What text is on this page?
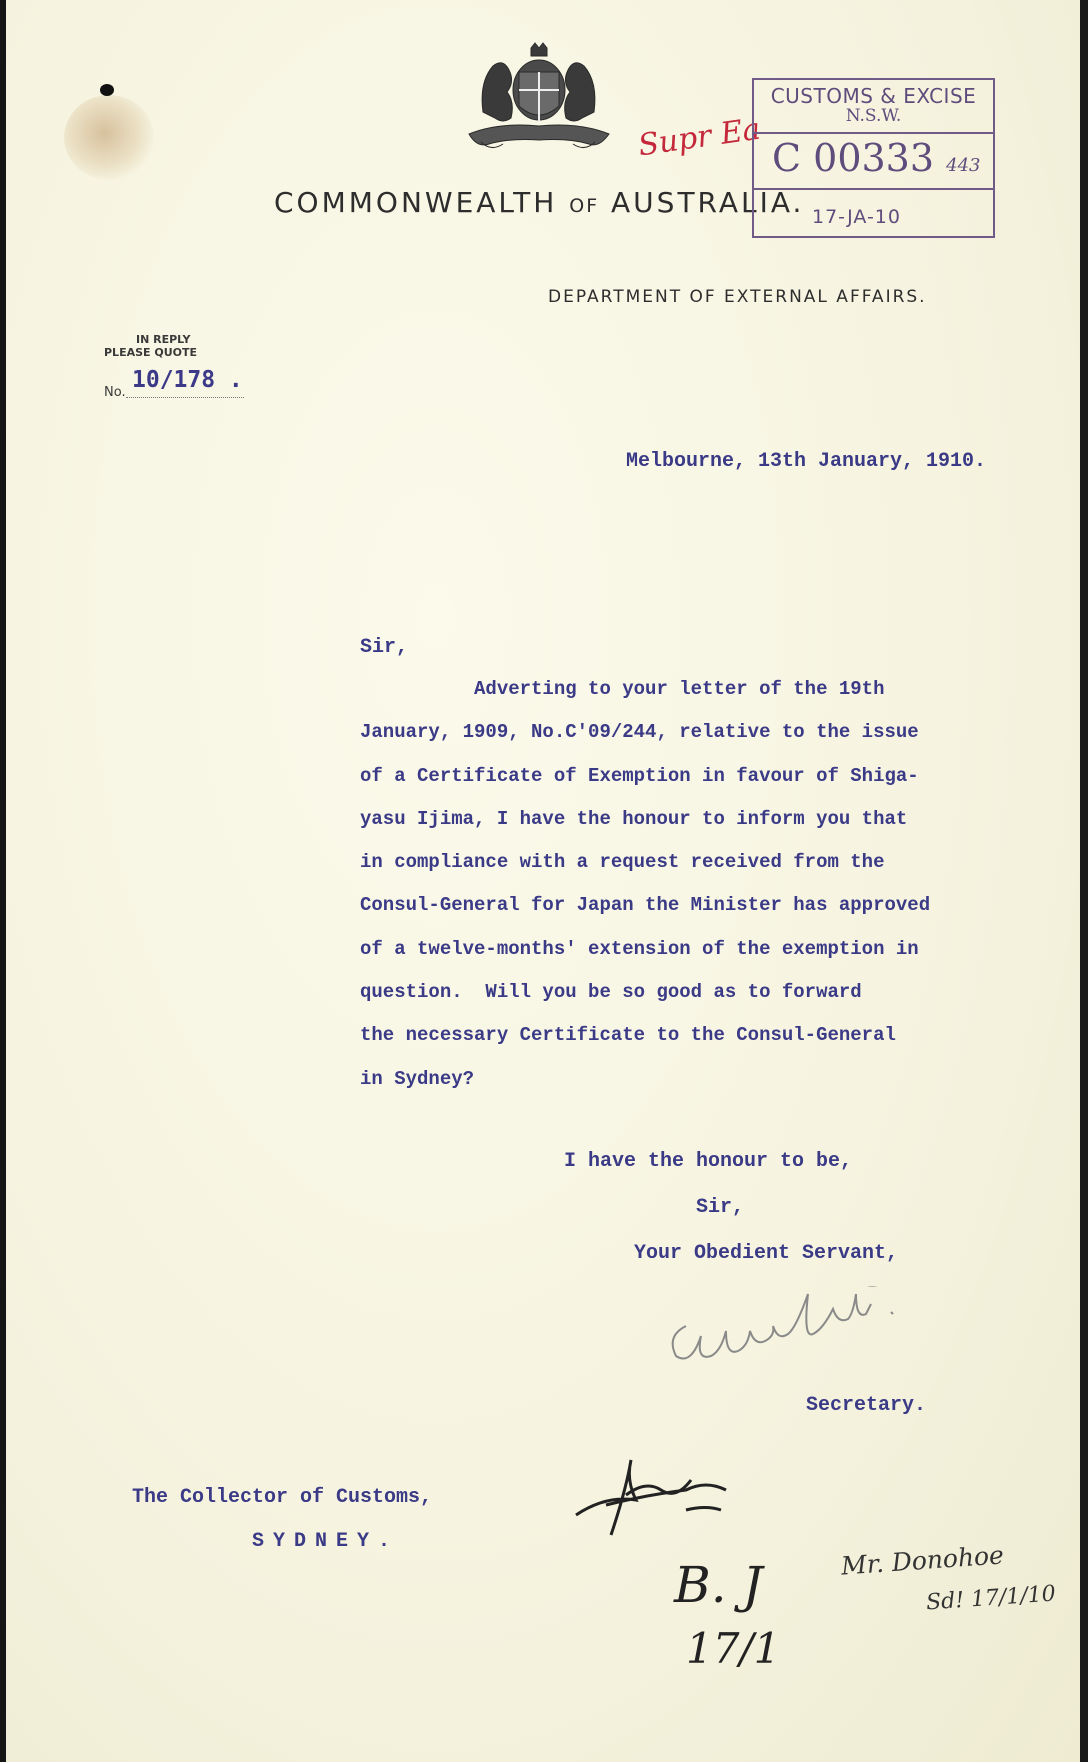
Supr Ea
COMMONWEALTH OF AUSTRALIA.
CUSTOMS & EXCISE
N.S.W.
C 00333 443
17-JA-10
DEPARTMENT OF EXTERNAL AFFAIRS.
IN REPLY
PLEASE QUOTE
10/178 .
No.
Melbourne, 13th January, 1910.
Sir,
Adverting to your letter of the 19th
January, 1909, No.C'09/244, relative to the issue
of a Certificate of Exemption in favour of Shiga-
yasu Ijima, I have the honour to inform you that
in compliance with a request received from the
Consul-General for Japan the Minister has approved
of a twelve-months' extension of the exemption in
question.  Will you be so good as to forward
the necessary Certificate to the Consul-General
in Sydney?
I have the honour to be,
Sir,
Your Obedient Servant,
Secretary.
The Collector of Customs,
SYDNEY.
B. J
17/1
Mr. Donohoe
Sd! 17/1/10
